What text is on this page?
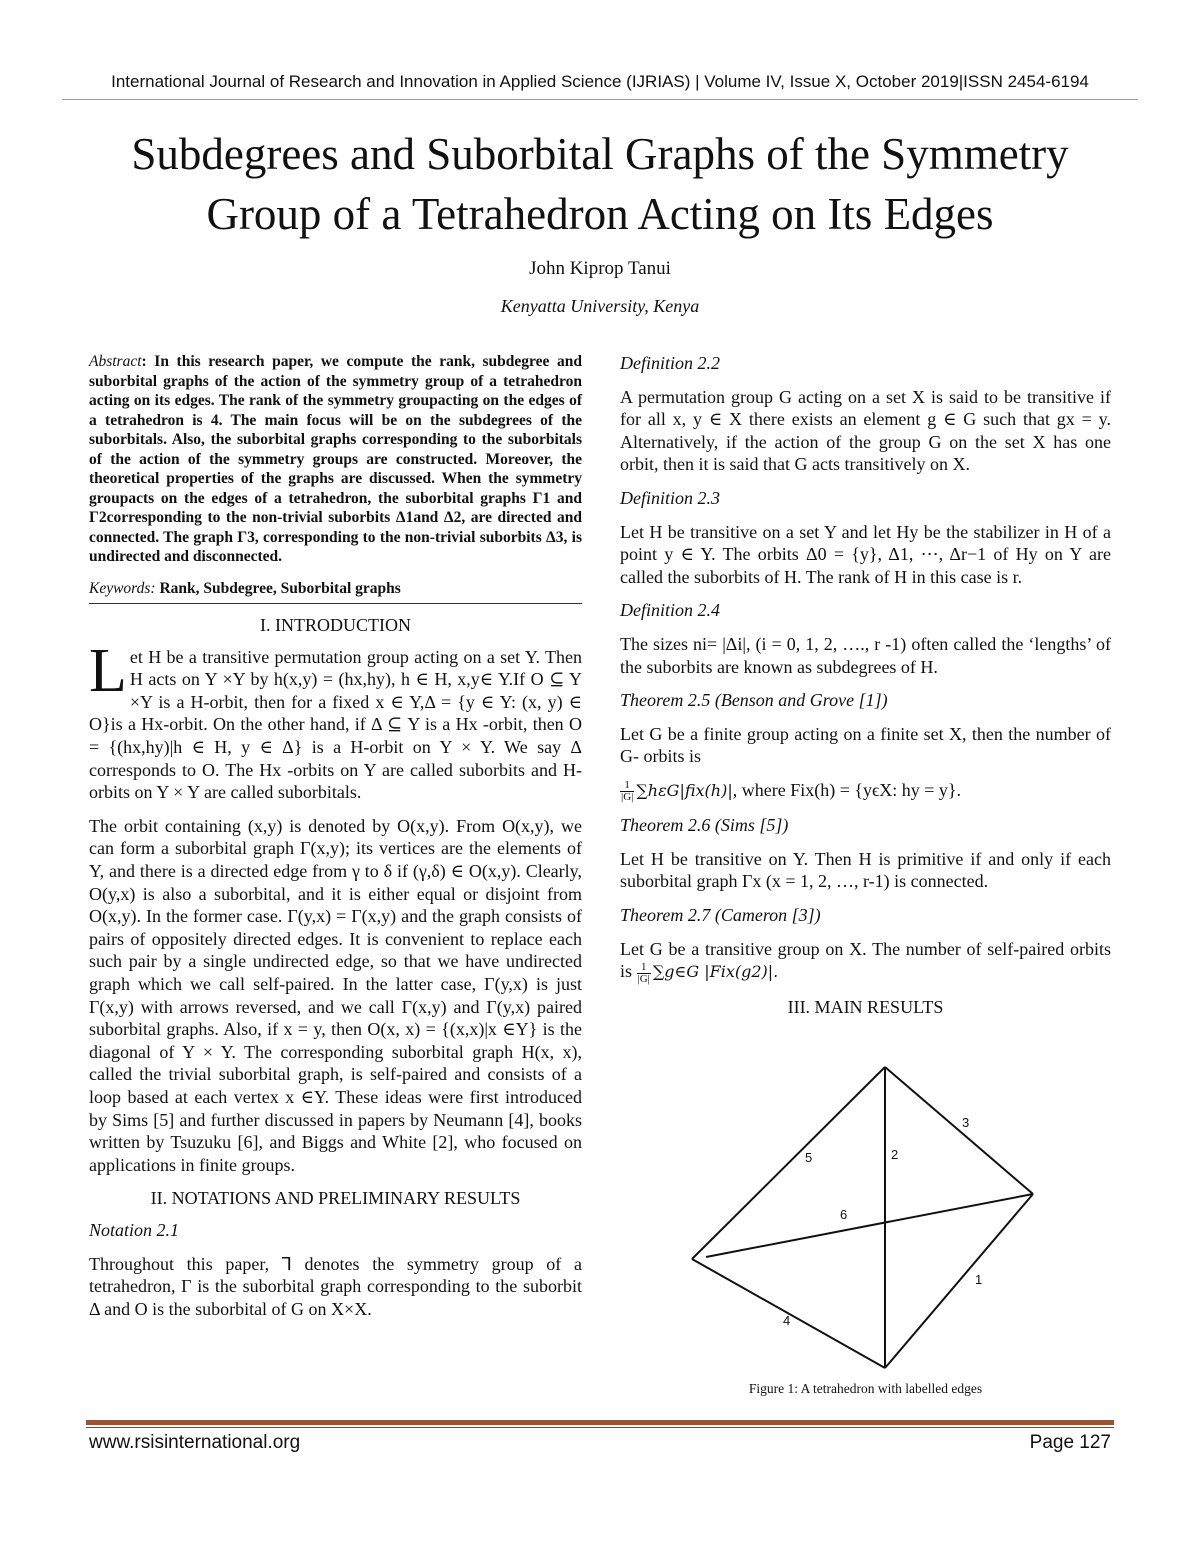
International Journal of Research and Innovation in Applied Science (IJRIAS) | Volume IV, Issue X, October 2019|ISSN 2454-6194
Subdegrees and Suborbital Graphs of the Symmetry
Group of a Tetrahedron Acting on Its Edges
John Kiprop Tanui
Kenyatta University, Kenya

Abstract: In this research paper, we compute the rank, subdegree and suborbital graphs of the action of the symmetry group of a tetrahedron acting on its edges. The rank of the symmetry groupacting on the edges of a tetrahedron is 4. The main focus will be on the subdegrees of the suborbitals. Also, the suborbital graphs corresponding to the suborbitals of the action of the symmetry groups are constructed. Moreover, the theoretical properties of the graphs are discussed. When the symmetry groupacts on the edges of a tetrahedron, the suborbital graphs Γ1 and Γ2corresponding to the non-trivial suborbits Δ1and Δ2, are directed and connected. The graph Γ3, corresponding to the non-trivial suborbits Δ3, is undirected and disconnected.

Keywords: Rank, Subdegree, Suborbital graphs
I. INTRODUCTION

Let H be a transitive permutation group acting on a set Y. Then H acts on Y ×Y by h(x,y) = (hx,hy), h ∈ H, x,y∈ Y.If O ⊆ Y ×Y is a H-orbit, then for a fixed x ∈ Y,Δ = {y ∈ Y: (x, y) ∈ O}is a Hx-orbit. On the other hand, if Δ ⊆ Y is a Hx -orbit, then O = {(hx,hy)|h ∈ H, y ∈ Δ} is a H-orbit on Y × Y. We say Δ corresponds to O. The Hx -orbits on Y are called suborbits and H-orbits on Y × Y are called suborbitals.

The orbit containing (x,y) is denoted by O(x,y). From O(x,y), we can form a suborbital graph Γ(x,y); its vertices are the elements of Y, and there is a directed edge from γ to δ if (γ,δ) ∈ O(x,y). Clearly, O(y,x) is also a suborbital, and it is either equal or disjoint from O(x,y). In the former case. Γ(y,x) = Γ(x,y) and the graph consists of pairs of oppositely directed edges. It is convenient to replace each such pair by a single undirected edge, so that we have undirected graph which we call self-paired. In the latter case, Γ(y,x) is just Γ(x,y) with arrows reversed, and we call Γ(x,y) and Γ(y,x) paired suborbital graphs. Also, if x = y, then O(x, x) = {(x,x)|x ∈Y} is the diagonal of Y × Y. The corresponding suborbital graph H(x, x), called the trivial suborbital graph, is self-paired and consists of a loop based at each vertex x ∈Y. These ideas were first introduced by Sims [5] and further discussed in papers by Neumann [4], books written by Tsuzuku [6], and Biggs and White [2], who focused on applications in finite groups.

II. NOTATIONS AND PRELIMINARY RESULTS

Notation 2.1

Throughout this paper, ⅂ denotes the symmetry group of a tetrahedron, Γ is the suborbital graph corresponding to the suborbit Δ and O is the suborbital of G on X×X.

Definition 2.2

A permutation group G acting on a set X is said to be transitive if for all x, y ∈ X there exists an element g ∈ G such that gx = y. Alternatively, if the action of the group G on the set X has one orbit, then it is said that G acts transitively on X.

Definition 2.3

Let H be transitive on a set Y and let Hy be the stabilizer in H of a point y ∈ Y. The orbits Δ0 = {y}, Δ1, ⋯, Δr−1 of Hy on Y are called the suborbits of H. The rank of H in this case is r.

Definition 2.4

The sizes ni= |Δi|, (i = 0, 1, 2, …., r -1) often called the ‘lengths’ of the suborbits are known as subdegrees of H.

Theorem 2.5 (Benson and Grove [1])

Let G be a finite group acting on a finite set X, then the number of G- orbits is

$\frac{1}{|G|} \sum h\varepsilon G|fix(h)|$, where Fix(h) = {yϵX: hy = y}.

Theorem 2.6 (Sims [5])

Let H be transitive on Y. Then H is primitive if and only if each suborbital graph Γx (x = 1, 2, …, r-1) is connected.

Theorem 2.7 (Cameron [3])

Let G be a transitive group on X. The number of self-paired orbits is $\frac{1}{|G|}$ ∑g∈G |Fix(g2)|.

III. MAIN RESULTS
1
2
3
4
5
6
Figure 1: A tetrahedron with labelled edges
www.rsisinternational.org	Page 127
